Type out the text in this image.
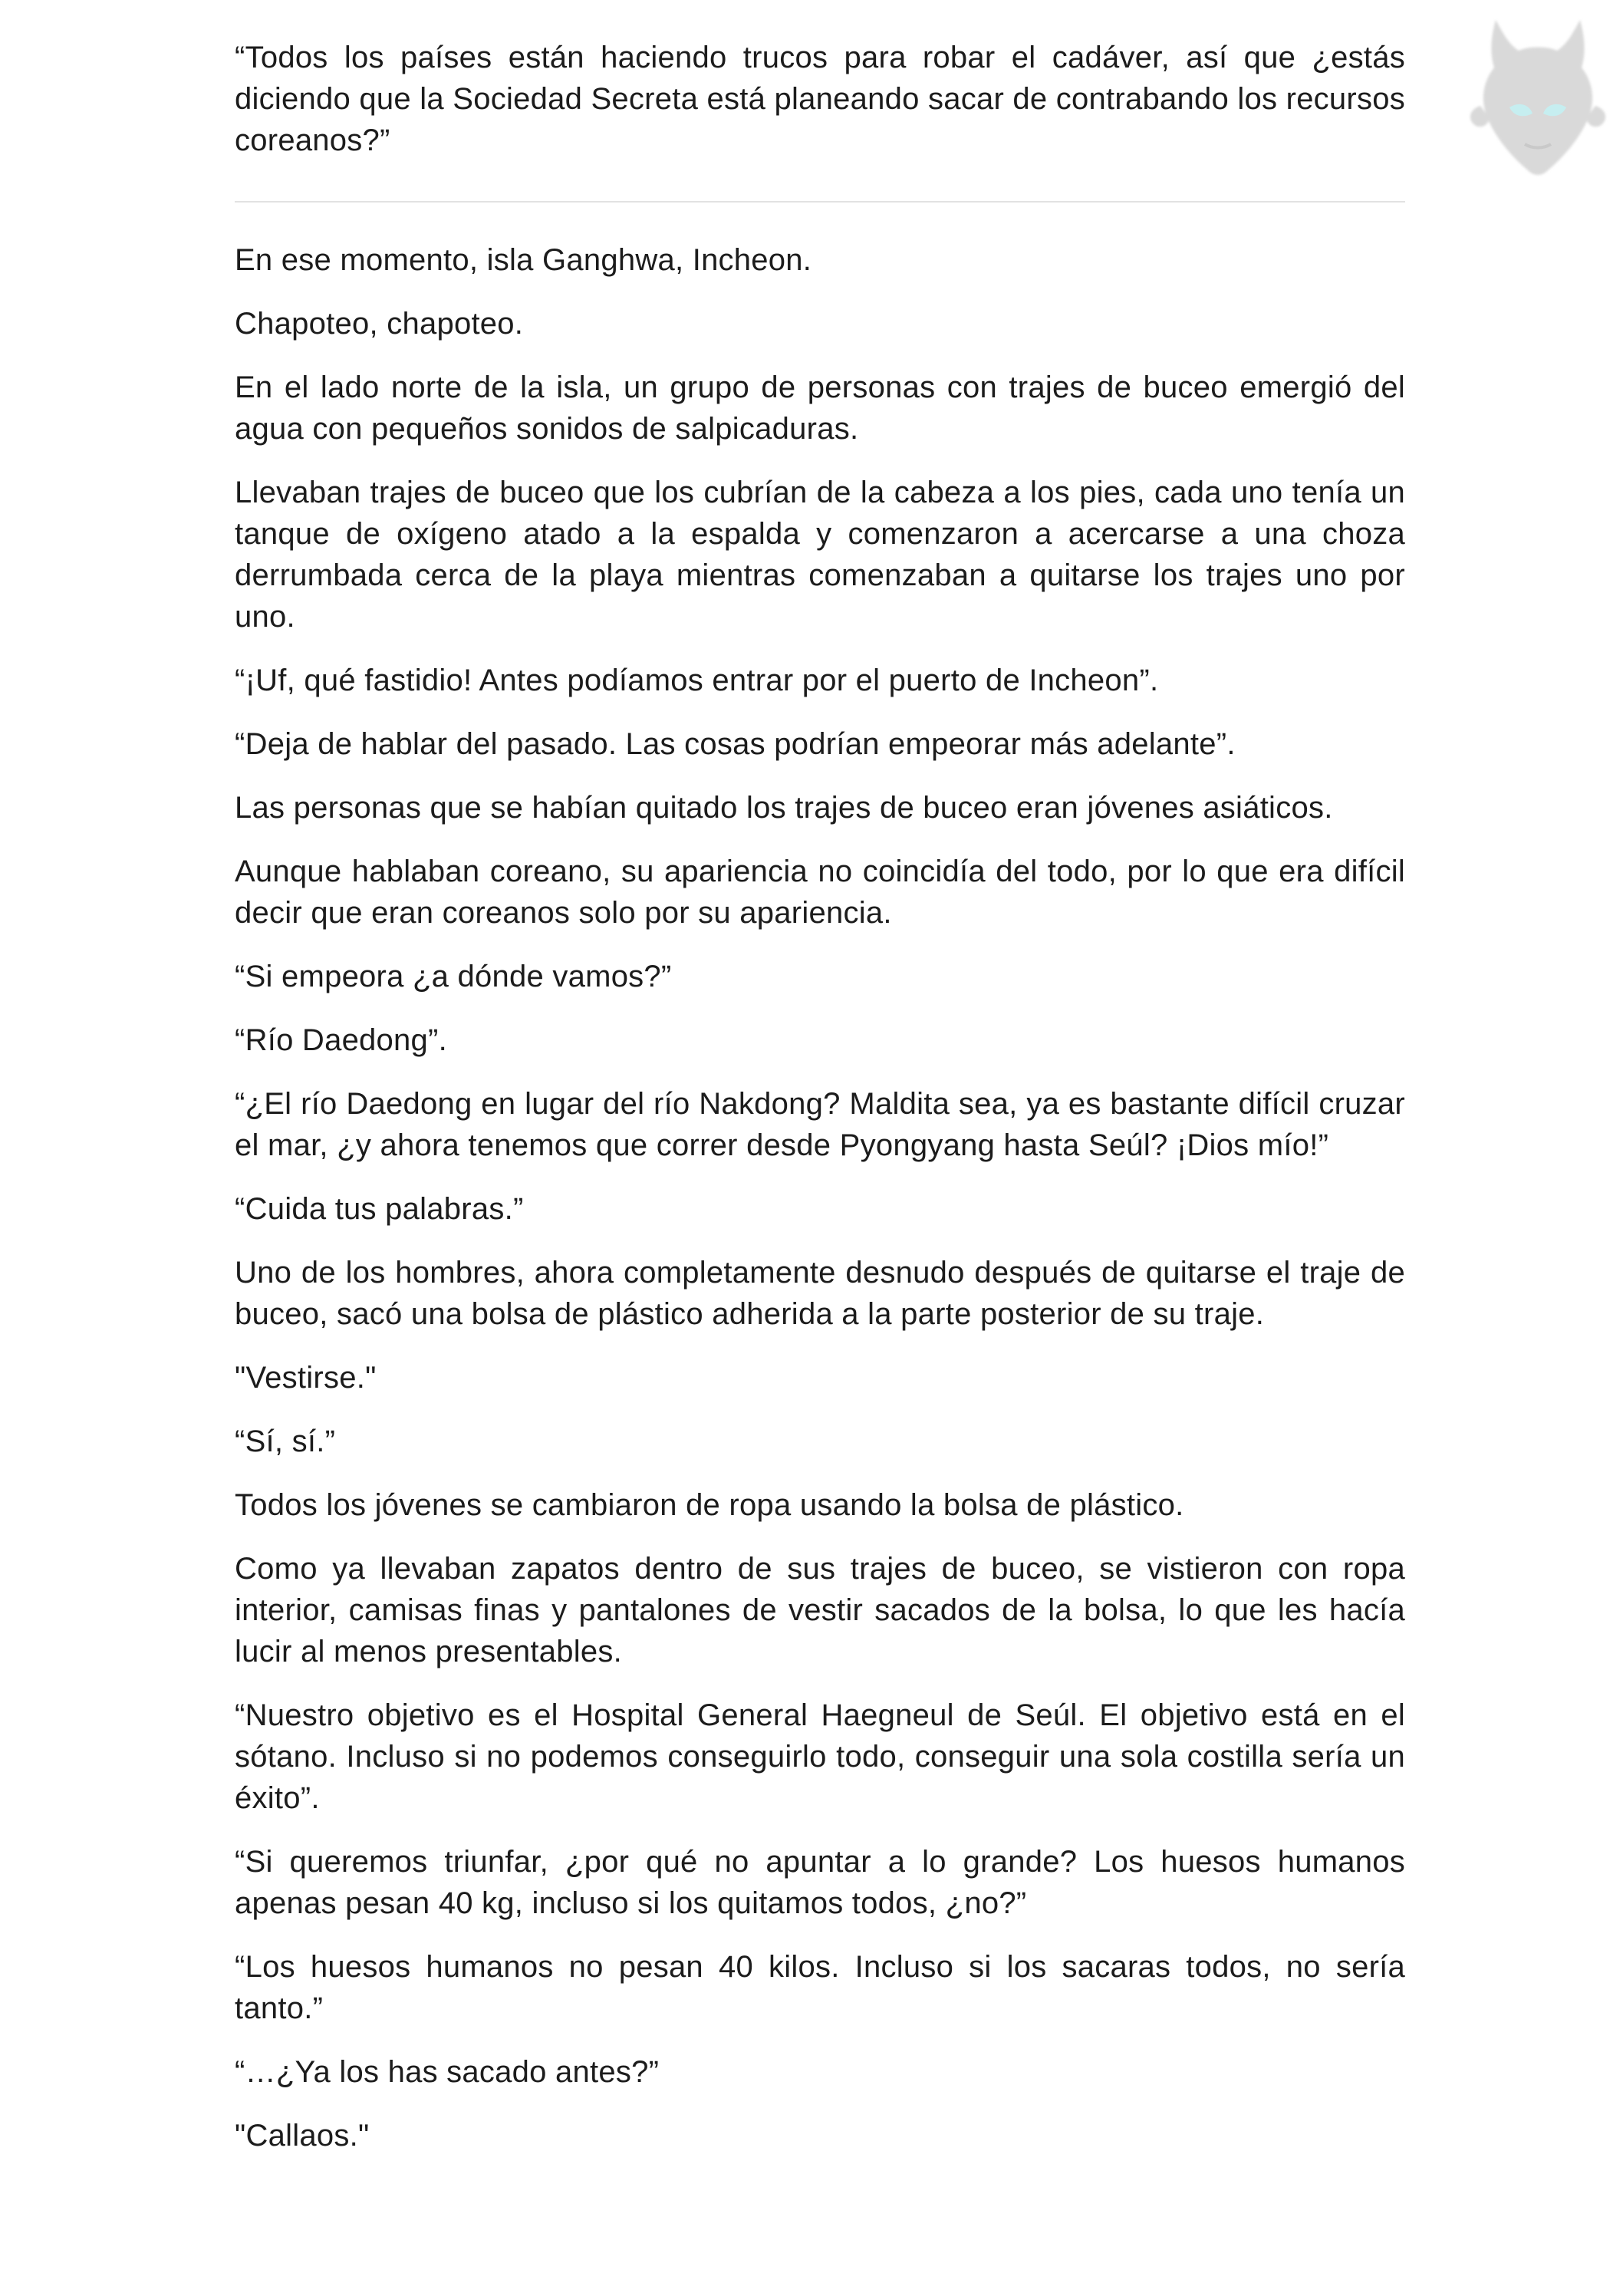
“Todos los países están haciendo trucos para robar el cadáver, así que ¿estás diciendo que la Sociedad Secreta está planeando sacar de contrabando los recursos coreanos?”

En ese momento, isla Ganghwa, Incheon.

Chapoteo, chapoteo.

En el lado norte de la isla, un grupo de personas con trajes de buceo emergió del agua con pequeños sonidos de salpicaduras.

Llevaban trajes de buceo que los cubrían de la cabeza a los pies, cada uno tenía un tanque de oxígeno atado a la espalda y comenzaron a acercarse a una choza derrumbada cerca de la playa mientras comenzaban a quitarse los trajes uno por uno.

“¡Uf, qué fastidio! Antes podíamos entrar por el puerto de Incheon”.

“Deja de hablar del pasado. Las cosas podrían empeorar más adelante”.

Las personas que se habían quitado los trajes de buceo eran jóvenes asiáticos.

Aunque hablaban coreano, su apariencia no coincidía del todo, por lo que era difícil decir que eran coreanos solo por su apariencia.

“Si empeora ¿a dónde vamos?”

“Río Daedong”.

“¿El río Daedong en lugar del río Nakdong? Maldita sea, ya es bastante difícil cruzar el mar, ¿y ahora tenemos que correr desde Pyongyang hasta Seúl? ¡Dios mío!”

“Cuida tus palabras.”

Uno de los hombres, ahora completamente desnudo después de quitarse el traje de buceo, sacó una bolsa de plástico adherida a la parte posterior de su traje.

"Vestirse."

“Sí, sí.”

Todos los jóvenes se cambiaron de ropa usando la bolsa de plástico.

Como ya llevaban zapatos dentro de sus trajes de buceo, se vistieron con ropa interior, camisas finas y pantalones de vestir sacados de la bolsa, lo que les hacía lucir al menos presentables.

“Nuestro objetivo es el Hospital General Haegneul de Seúl. El objetivo está en el sótano. Incluso si no podemos conseguirlo todo, conseguir una sola costilla sería un éxito”.

“Si queremos triunfar, ¿por qué no apuntar a lo grande? Los huesos humanos apenas pesan 40 kg, incluso si los quitamos todos, ¿no?”

“Los huesos humanos no pesan 40 kilos. Incluso si los sacaras todos, no sería tanto.”

“…¿Ya los has sacado antes?”

"Callaos."
